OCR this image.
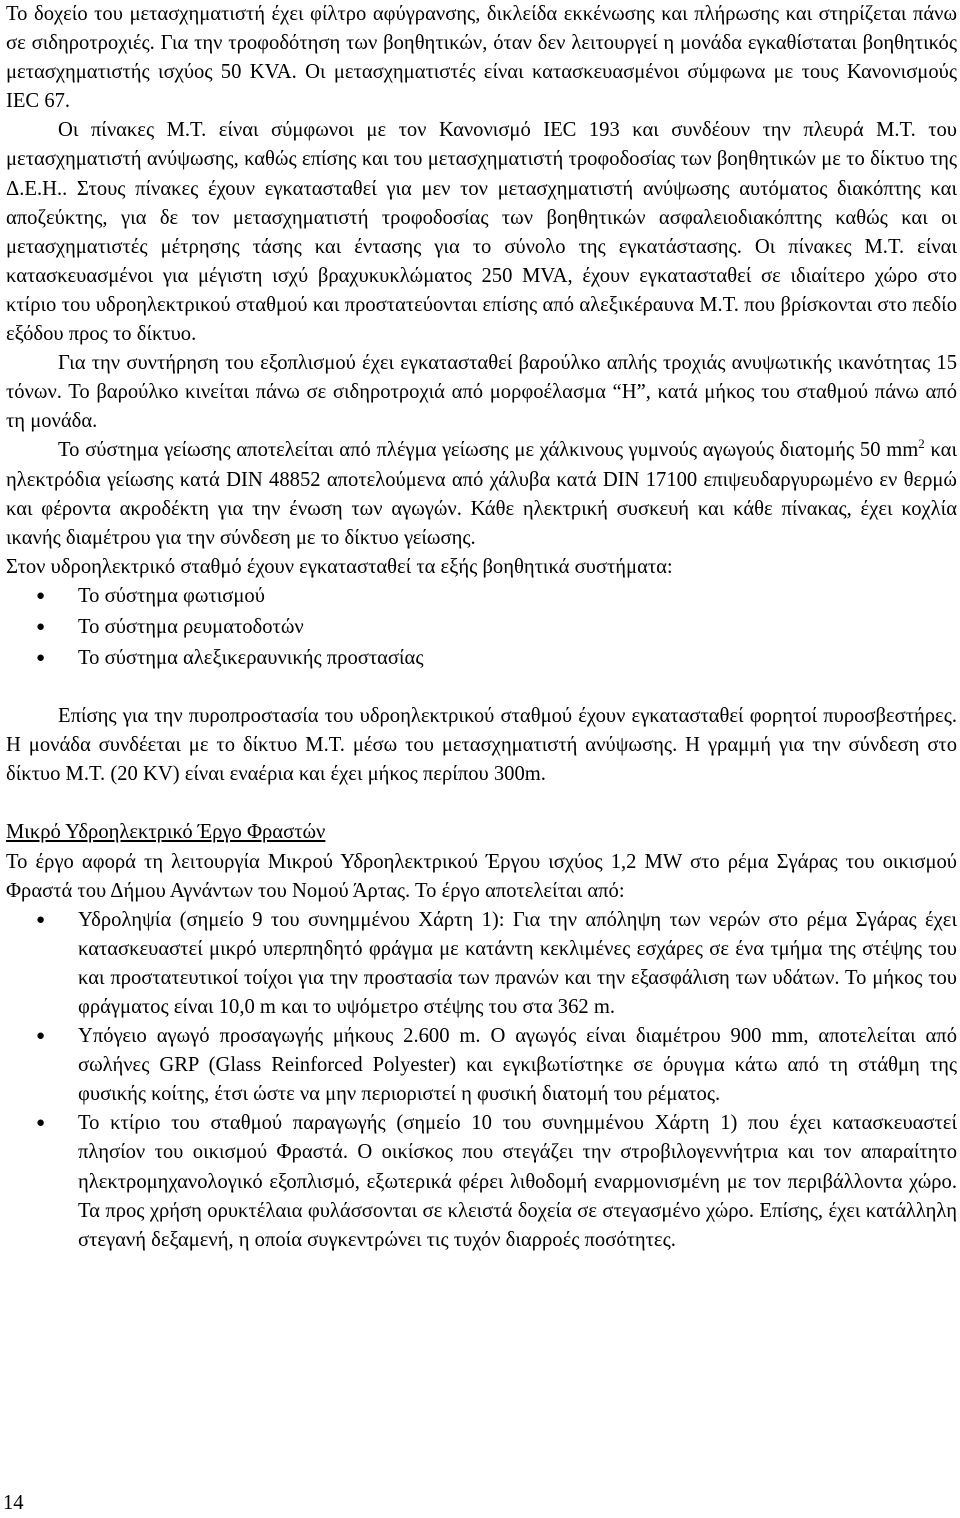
Το δοχείο του μετασχηματιστή έχει φίλτρο αφύγρανσης, δικλείδα εκκένωσης και πλήρωσης και στηρίζεται πάνω σε σιδηροτροχιές. Για την τροφοδότηση των βοηθητικών, όταν δεν λειτουργεί η μονάδα εγκαθίσταται βοηθητικός μετασχηματιστής ισχύος 50 KVA. Οι μετασχηματιστές είναι κατασκευασμένοι σύμφωνα με τους Κανονισμούς IEC 67.

Οι πίνακες Μ.Τ. είναι σύμφωνοι με τον Κανονισμό IEC 193 και συνδέουν την πλευρά Μ.Τ. του μετασχηματιστή ανύψωσης, καθώς επίσης και του μετασχηματιστή τροφοδοσίας των βοηθητικών με το δίκτυο της Δ.Ε.Η.. Στους πίνακες έχουν εγκατασταθεί για μεν τον μετασχηματιστή ανύψωσης αυτόματος διακόπτης και αποζεύκτης, για δε τον μετασχηματιστή τροφοδοσίας των βοηθητικών ασφαλειοδιακόπτης καθώς και οι μετασχηματιστές μέτρησης τάσης και έντασης για το σύνολο της εγκατάστασης. Οι πίνακες Μ.Τ. είναι κατασκευασμένοι για μέγιστη ισχύ βραχυκυκλώματος 250 MVA, έχουν εγκατασταθεί σε ιδιαίτερο χώρο στο κτίριο του υδροηλεκτρικού σταθμού και προστατεύονται επίσης από αλεξικέραυνα Μ.Τ. που βρίσκονται στο πεδίο εξόδου προς το δίκτυο.

Για την συντήρηση του εξοπλισμού έχει εγκατασταθεί βαρούλκο απλής τροχιάς ανυψωτικής ικανότητας 15 τόνων. Το βαρούλκο κινείται πάνω σε σιδηροτροχιά από μορφοέλασμα “Η”, κατά μήκος του σταθμού πάνω από τη μονάδα.

Το σύστημα γείωσης αποτελείται από πλέγμα γείωσης με χάλκινους γυμνούς αγωγούς διατομής 50 $mm^2$ και ηλεκτρόδια γείωσης κατά DIN 48852 αποτελούμενα από χάλυβα κατά DIN 17100 επιψευδαργυρωμένο εν θερμώ και φέροντα ακροδέκτη για την ένωση των αγωγών. Κάθε ηλεκτρική συσκευή και κάθε πίνακας, έχει κοχλία ικανής διαμέτρου για την σύνδεση με το δίκτυο γείωσης.

Στον υδροηλεκτρικό σταθμό έχουν εγκατασταθεί τα εξής βοηθητικά συστήματα:

● Το σύστημα φωτισμού
● Το σύστημα ρευματοδοτών
● Το σύστημα αλεξικεραυνικής προστασίας

Επίσης για την πυροπροστασία του υδροηλεκτρικού σταθμού έχουν εγκατασταθεί φορητοί πυροσβεστήρες. Η μονάδα συνδέεται με το δίκτυο Μ.Τ. μέσω του μετασχηματιστή ανύψωσης. Η γραμμή για την σύνδεση στο δίκτυο Μ.Τ. (20 KV) είναι εναέρια και έχει μήκος περίπου 300m.

Μικρό Υδροηλεκτρικό Έργο Φραστών

Το έργο αφορά τη λειτουργία Μικρού Υδροηλεκτρικού Έργου ισχύος 1,2 MW στο ρέμα Σγάρας του οικισμού Φραστά του Δήμου Αγνάντων του Νομού Άρτας. Το έργο αποτελείται από:

● Υδροληψία (σημείο 9 του συνημμένου Χάρτη 1): Για την απόληψη των νερών στο ρέμα Σγάρας έχει κατασκευαστεί μικρό υπερπηδητό φράγμα με κατάντη κεκλιμένες εσχάρες σε ένα τμήμα της στέψης του και προστατευτικοί τοίχοι για την προστασία των πρανών και την εξασφάλιση των υδάτων. Το μήκος του φράγματος είναι 10,0 m και το υψόμετρο στέψης του στα 362 m.
● Υπόγειο αγωγό προσαγωγής μήκους 2.600 m. Ο αγωγός είναι διαμέτρου 900 mm, αποτελείται από σωλήνες GRP (Glass Reinforced Polyester) και εγκιβωτίστηκε σε όρυγμα κάτω από τη στάθμη της φυσικής κοίτης, έτσι ώστε να μην περιοριστεί η φυσική διατομή του ρέματος.
● Το κτίριο του σταθμού παραγωγής (σημείο 10 του συνημμένου Χάρτη 1) που έχει κατασκευαστεί πλησίον του οικισμού Φραστά. Ο οικίσκος που στεγάζει την στροβιλογεννήτρια και τον απαραίτητο ηλεκτρομηχανολογικό εξοπλισμό, εξωτερικά φέρει λιθοδομή εναρμονισμένη με τον περιβάλλοντα χώρο. Τα προς χρήση ορυκτέλαια φυλάσσονται σε κλειστά δοχεία σε στεγασμένο χώρο. Επίσης, έχει κατάλληλη στεγανή δεξαμενή, η οποία συγκεντρώνει τις τυχόν διαρροές ποσότητες.
14
